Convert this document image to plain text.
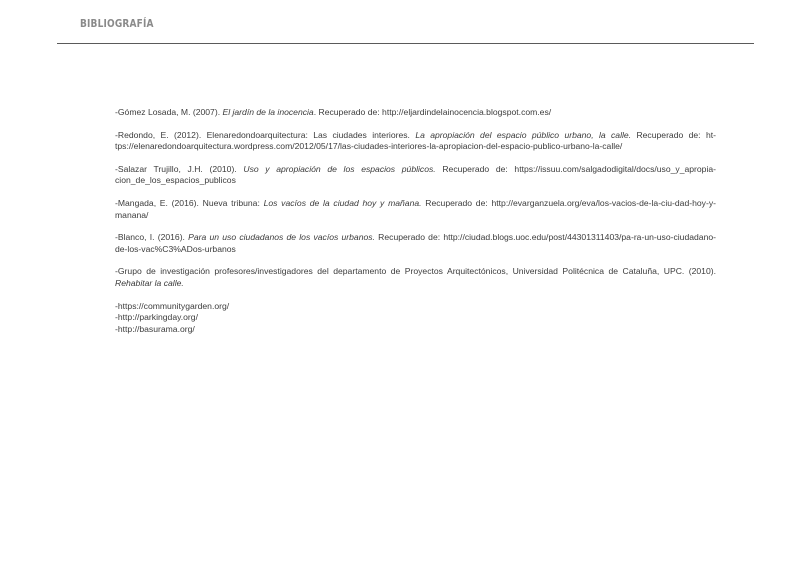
BIBLIOGRAFÍA

-Gómez Losada, M. (2007). El jardín de la inocencia. Recuperado de: http://eljardindelainocencia.blogspot.com.es/

-Redondo, E. (2012). Elenaredondoarquitectura: Las ciudades interiores. La apropiación del espacio público urbano, la calle. Recuperado de: ht-tps://elenaredondoarquitectura.wordpress.com/2012/05/17/las-ciudades-interiores-la-apropiacion-del-espacio-publico-urbano-la-calle/

-Salazar Trujillo, J.H. (2010). Uso y apropiación de los espacios públicos. Recuperado de: https://issuu.com/salgadodigital/docs/uso_y_apropia-cion_de_los_espacios_publicos

-Mangada, E. (2016). Nueva tribuna: Los vacíos de la ciudad hoy y mañana. Recuperado de: http://evarganzuela.org/eva/los-vacios-de-la-ciu-dad-hoy-y-manana/

-Blanco, I. (2016). Para un uso ciudadanos de los vacíos urbanos. Recuperado de: http://ciudad.blogs.uoc.edu/post/44301311403/pa-ra-un-uso-ciudadano-de-los-vac%C3%ADos-urbanos

-Grupo de investigación profesores/investigadores del departamento de Proyectos Arquitectónicos, Universidad Politécnica de Cataluña, UPC. (2010). Rehabitar la calle.

-https://communitygarden.org/
-http://parkingday.org/
-http://basurama.org/
